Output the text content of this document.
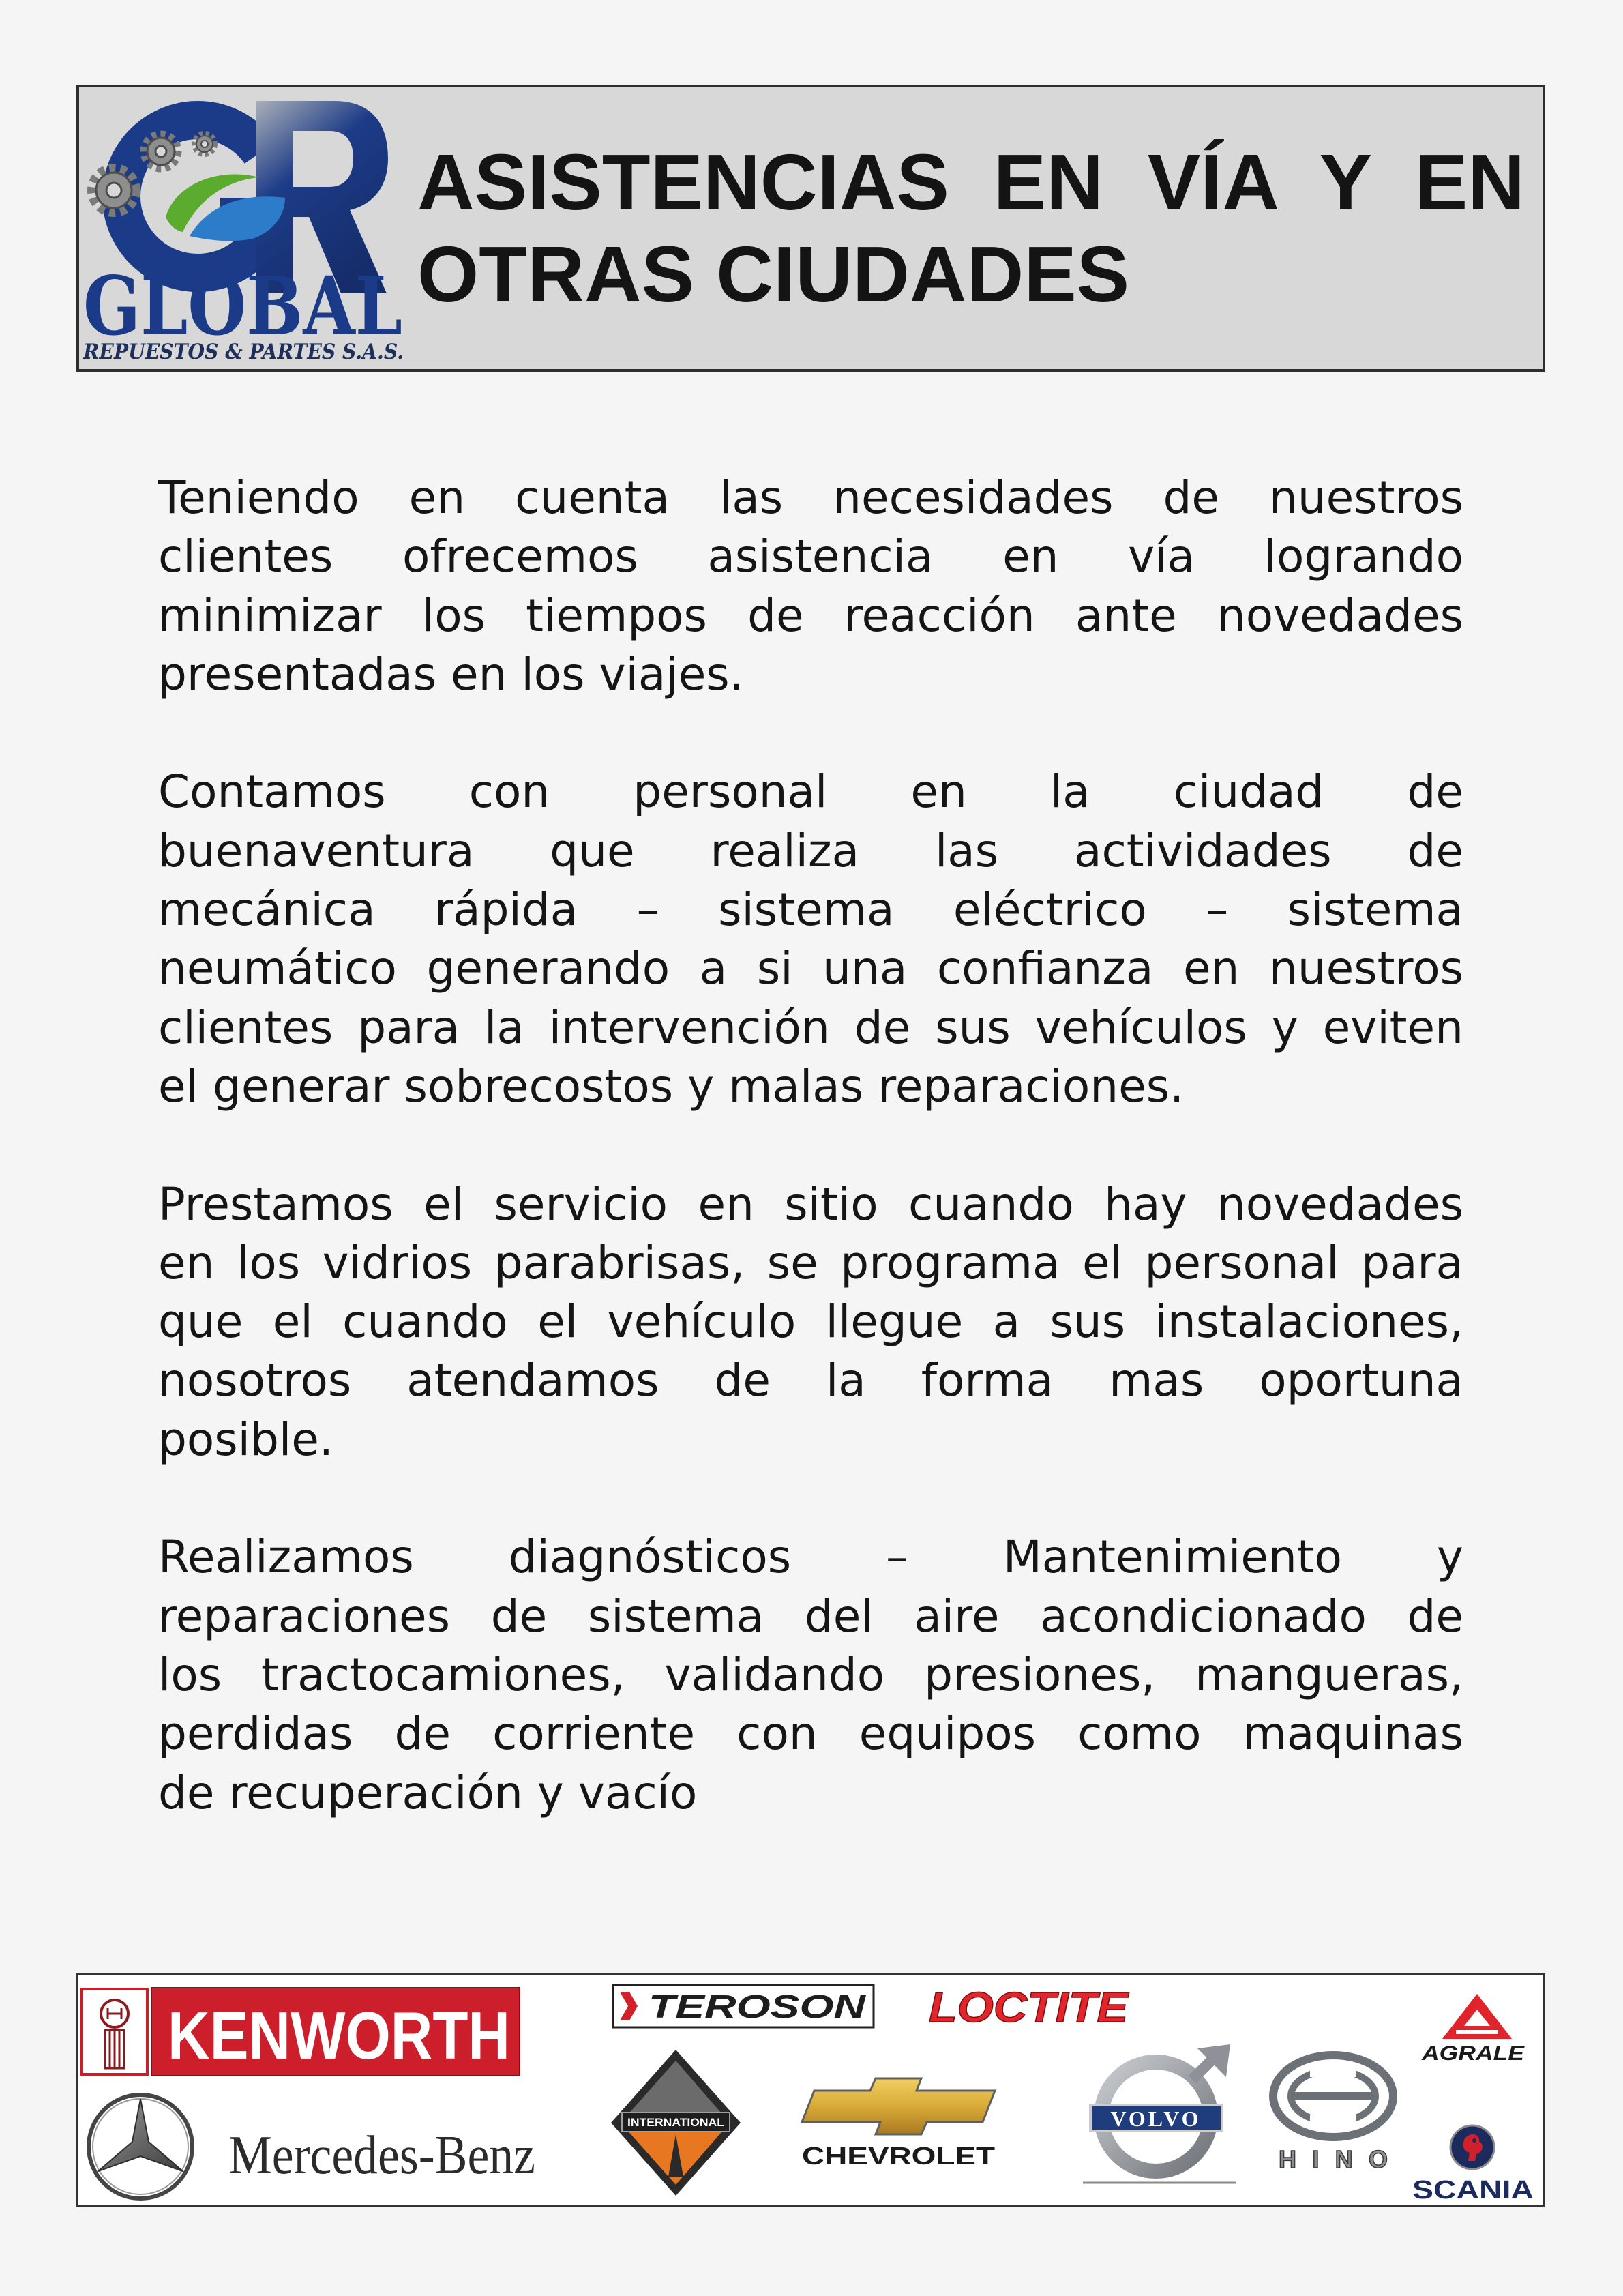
GLOBAL
REPUESTOS & PARTES S.A.S.
ASISTENCIAS EN VÍA Y EN
OTRAS CIUDADES
Teniendo en cuenta las necesidades de nuestros
clientes ofrecemos asistencia en vía logrando
minimizar los tiempos de reacción ante novedades
presentadas en los viajes.
Contamos con personal en la ciudad de
buenaventura que realiza las actividades de
mecánica rápida – sistema eléctrico – sistema
neumático generando a si una confianza en nuestros
clientes para la intervención de sus vehículos y eviten
el generar sobrecostos y malas reparaciones.
Prestamos el servicio en sitio cuando hay novedades
en los vidrios parabrisas, se programa el personal para
que el cuando el vehículo llegue a sus instalaciones,
nosotros atendamos de la forma mas oportuna
posible.
Realizamos diagnósticos – Mantenimiento y
reparaciones de sistema del aire acondicionado de
los tractocamiones, validando presiones, mangueras,
perdidas de corriente con equipos como maquinas
de recuperación y vacío
KENWORTH
Mercedes-Benz
TEROSON LOCTITE
INTERNATIONAL
CHEVROLET
VOLVO
HINO
AGRALE
SCANIA
